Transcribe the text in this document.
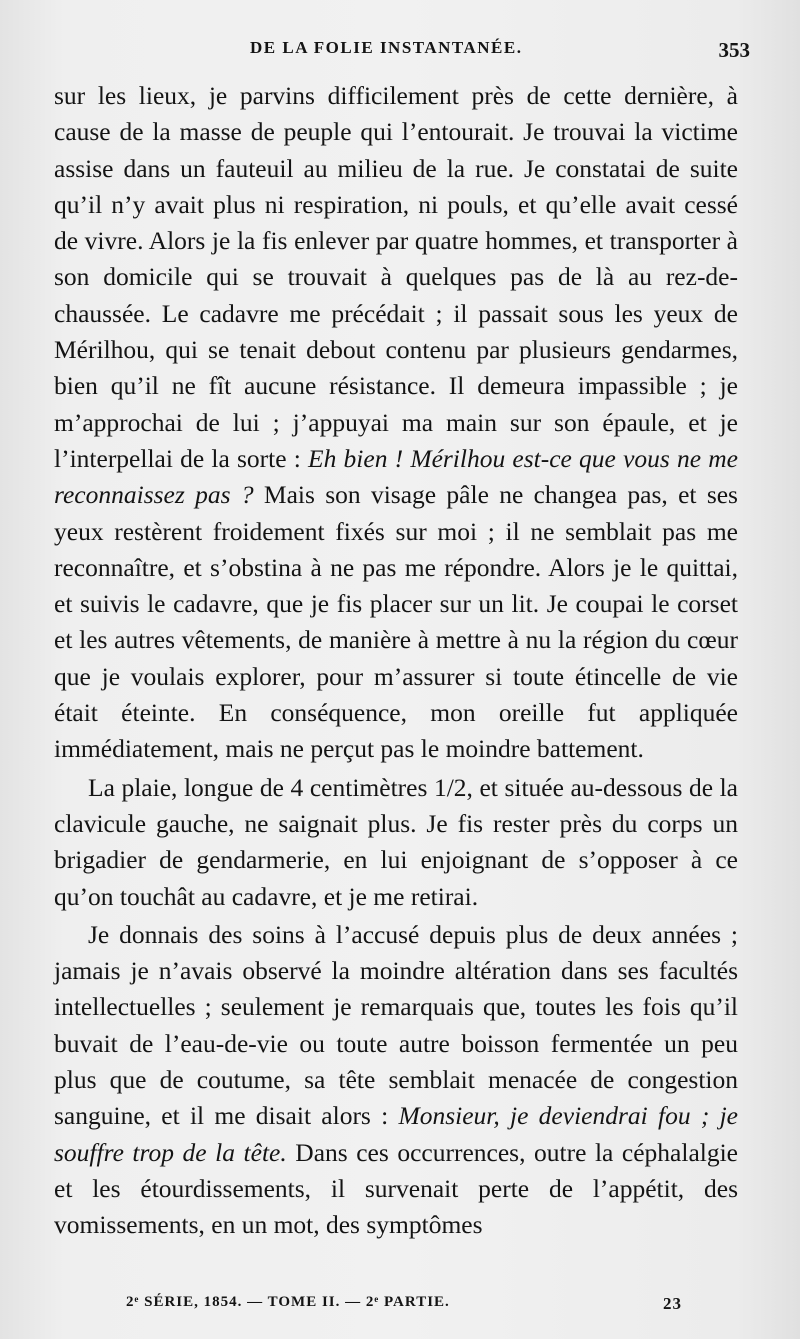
DE LA FOLIE INSTANTANÉE.	353

sur les lieux, je parvins difficilement près de cette dernière, à cause de la masse de peuple qui l’entourait. Je trouvai la victime assise dans un fauteuil au milieu de la rue. Je constatai de suite qu’il n’y avait plus ni respiration, ni pouls, et qu’elle avait cessé de vivre. Alors je la fis enlever par quatre hommes, et transporter à son domicile qui se trouvait à quelques pas de là au rez-de-chaussée. Le cadavre me précédait ; il passait sous les yeux de Mérilhou, qui se tenait debout contenu par plusieurs gendarmes, bien qu’il ne fît aucune résistance. Il demeura impassible ; je m’approchai de lui ; j’appuyai ma main sur son épaule, et je l’interpellai de la sorte : Eh bien ! Mérilhou est-ce que vous ne me reconnaissez pas ? Mais son visage pâle ne changea pas, et ses yeux restèrent froidement fixés sur moi ; il ne semblait pas me reconnaître, et s’obstina à ne pas me répondre. Alors je le quittai, et suivis le cadavre, que je fis placer sur un lit. Je coupai le corset et les autres vêtements, de manière à mettre à nu la région du cœur que je voulais explorer, pour m’assurer si toute étincelle de vie était éteinte. En conséquence, mon oreille fut appliquée immédiatement, mais ne perçut pas le moindre battement.

La plaie, longue de 4 centimètres 1/2, et située au-dessous de la clavicule gauche, ne saignait plus. Je fis rester près du corps un brigadier de gendarmerie, en lui enjoignant de s’opposer à ce qu’on touchât au cadavre, et je me retirai.

Je donnais des soins à l’accusé depuis plus de deux années ; jamais je n’avais observé la moindre altération dans ses facultés intellectuelles ; seulement je remarquais que, toutes les fois qu’il buvait de l’eau-de-vie ou toute autre boisson fermentée un peu plus que de coutume, sa tête semblait menacée de congestion sanguine, et il me disait alors : Monsieur, je deviendrai fou ; je souffre trop de la tête. Dans ces occurrences, outre la céphalalgie et les étourdissements, il survenait perte de l’appétit, des vomissements, en un mot, des symptômes

2ᵉ SÉRIE, 1854. — TOME II. — 2ᵉ PARTIE.	23
